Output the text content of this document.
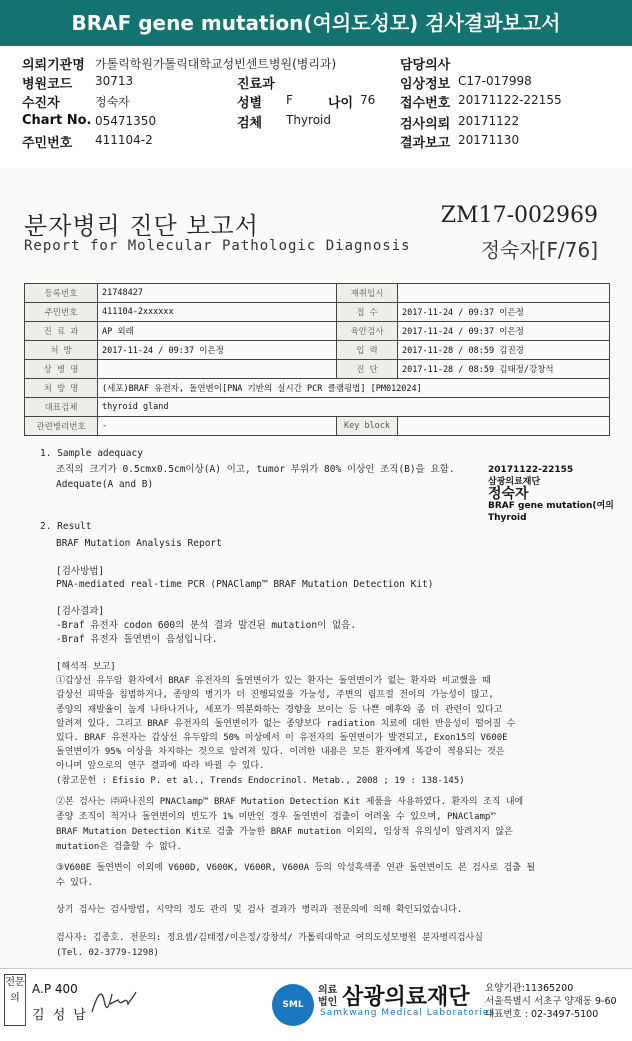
BRAF gene mutation(여의도성모) 검사결과보고서
의뢰기관명 가톨릭학원가톨릭대학교성빈센트병원(병리과)	담당의사
병원코드 30713	진료과	임상정보 C17-017998
수진자	정숙자	성별 F	나이 76 접수번호 20171122-22155
Chart No. 05471350	검체 Thyroid	검사의뢰 20171122
주민번호 411104-2	결과보고 20171130
분자병리 진단 보고서
Report for Molecular Pathologic Diagnosis
ZM17-002969
정숙자[F/76]
등록번호	21748427	재취입시	
주민번호	411104-2xxxxxx	접 수	2017-11-24 / 09:37 이은정
진 료 과	AP 외래	육안검사	2017-11-24 / 09:37 이은정
처 방	2017-11-24 / 09:37 이은정	입 력	2017-11-28 / 08:59 김진경
상 병 명		진 단	2017-11-28 / 08:59 김태정/강창석
처 방 명	(세포)BRAF 유전자, 돌연변이[PNA 기반의 실시간 PCR 클램핑법] [PM012024]		
대표검체	thyroid gland		
관련병리번호	-	Key block	
1. Sample adequacy
조직의 크기가 0.5cmx0.5cm이상(A) 이고, tumor 부위가 80% 이상인 조직(B)을 요함.
Adequate(A and B)
20171122-22155
삼광의료재단
정숙자
BRAF gene mutation(여의
Thyroid
2. Result
BRAF Mutation Analysis Report
[검사방법]
PNA-mediated real-time PCR (PNAClamp™ BRAF Mutation Detection Kit)
[검사결과]
-Braf 유전자 codon 600의 분석 결과 발견된 mutation이 없음.
-Braf 유전자 돌연변이 음성입니다.
[해석적 보고]
①갑상선 유두암 환자에서 BRAF 유전자의 돌연변이가 있는 환자는 돌연변이가 없는 환자와 비교했을 때
갑상선 피막을 침범하거나, 종양의 병기가 더 진행되었을 가능성, 주변의 림프절 전이의 가능성이 많고,
종양의 재발율이 높게 나타나거나, 세포가 역분화하는 경향을 보이는 등 나쁜 예후와 좀 더 관련이 있다고
알려져 있다. 그리고 BRAF 유전자의 돌연변이가 없는 종양보다 radiation 치료에 대한 반응성이 떨어질 수
있다. BRAF 유전자는 갑상선 유두암의 50% 이상에서 이 유전자의 돌연변이가 발견되고, Exon15의 V600E
돌연변이가 95% 이상을 차지하는 것으로 알려져 있다. 이러한 내용은 모든 환자에게 똑같이 적용되는 것은
아니며 앞으로의 연구 결과에 따라 바뀔 수 있다.
(참고문헌 : Efisio P. et al., Trends Endocrinol. Metab., 2008 ; 19 : 138-145)
②본 검사는 ㈜파나진의 PNAClamp™ BRAF Mutation Detection Kit 제품을 사용하였다. 환자의 조직 내에
종양 조직이 적거나 돌연변이의 빈도가 1% 미만인 경우 돌연변이 검출이 어려울 수 있으며, PNAClamp™
BRAF Mutation Detection Kit로 검출 가능한 BRAF mutation 이외의, 임상적 유의성이 알려지지 않은
mutation은 검출할 수 없다.
③V600E 돌연변이 이외에 V600D, V600K, V600R, V600A 등의 악성흑색종 연관 돌연변이도 본 검사로 검출 될
수 있다.
상기 검사는 검사방법, 시약의 정도 관리 및 검사 결과가 병리과 전문의에 의해 확인되었습니다.
검사자: 김종호. 전문의: 정요셉/김태정/이은정/강창석/ 가톨릭대학교 여의도성모병원 분자병리검사실
(Tel. 02-3779-1298)
전문의
A.P 400
김 성 남
SML
의료
법인 삼광의료재단
Samkwang Medical Laboratories
요양기관:11365200
서울특별시 서초구 양재동 9-60
대표번호 : 02-3497-5100
